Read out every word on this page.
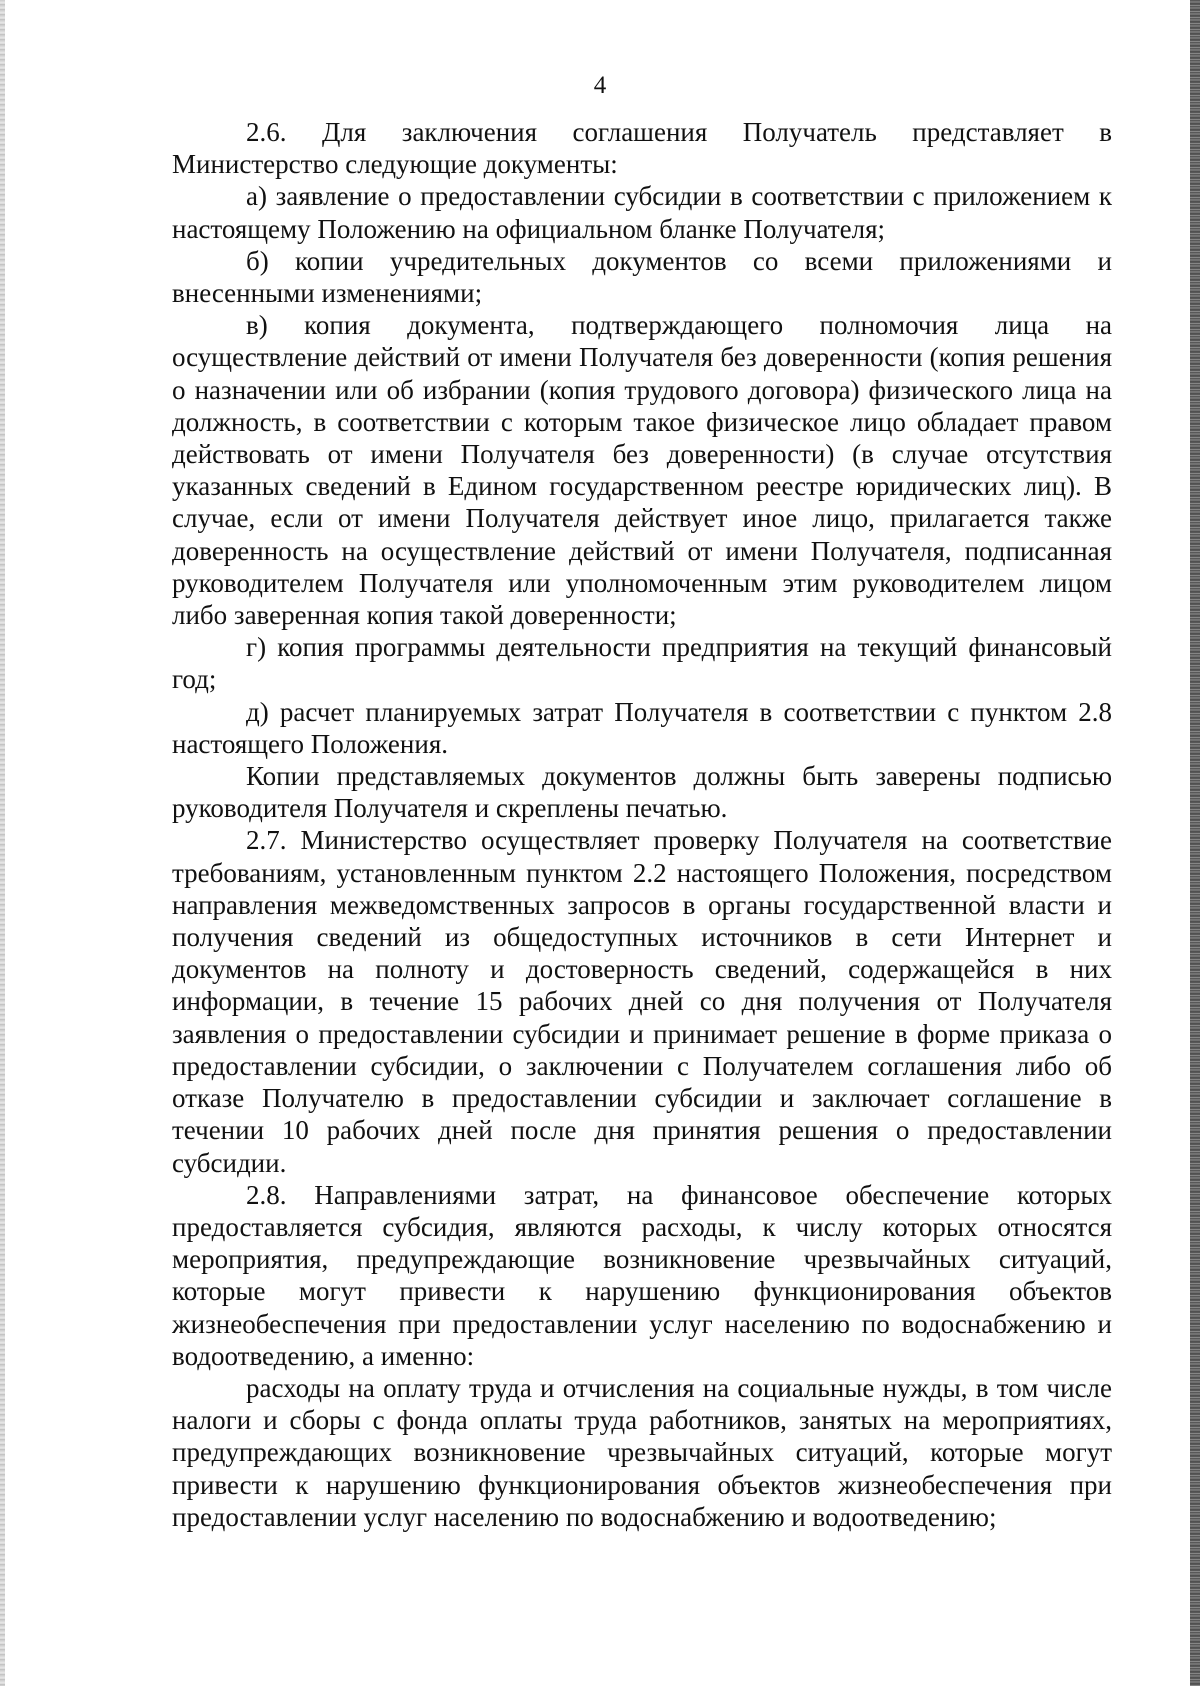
4

2.6. Для заключения соглашения Получатель представляет в Министерство следующие документы:

а) заявление о предоставлении субсидии в соответствии с приложением к настоящему Положению на официальном бланке Получателя;

б) копии учредительных документов со всеми приложениями и внесенными изменениями;

в) копия документа, подтверждающего полномочия лица на осуществление действий от имени Получателя без доверенности (копия решения о назначении или об избрании (копия трудового договора) физического лица на должность, в соответствии с которым такое физическое лицо обладает правом действовать от имени Получателя без доверенности) (в случае отсутствия указанных сведений в Едином государственном реестре юридических лиц). В случае, если от имени Получателя действует иное лицо, прилагается также доверенность на осуществление действий от имени Получателя, подписанная руководителем Получателя или уполномоченным этим руководителем лицом либо заверенная копия такой доверенности;

г) копия программы деятельности предприятия на текущий финансовый год;

д) расчет планируемых затрат Получателя в соответствии с пунктом 2.8 настоящего Положения.

Копии представляемых документов должны быть заверены подписью руководителя Получателя и скреплены печатью.

2.7. Министерство осуществляет проверку Получателя на соответствие требованиям, установленным пунктом 2.2 настоящего Положения, посредством направления межведомственных запросов в органы государственной власти и получения сведений из общедоступных источников в сети Интернет и документов на полноту и достоверность сведений, содержащейся в них информации, в течение 15 рабочих дней со дня получения от Получателя заявления о предоставлении субсидии и принимает решение в форме приказа о предоставлении субсидии, о заключении с Получателем соглашения либо об отказе Получателю в предоставлении субсидии и заключает соглашение в течении 10 рабочих дней после дня принятия решения о предоставлении субсидии.

2.8. Направлениями затрат, на финансовое обеспечение которых предоставляется субсидия, являются расходы, к числу которых относятся мероприятия, предупреждающие возникновение чрезвычайных ситуаций, которые могут привести к нарушению функционирования объектов жизнеобеспечения при предоставлении услуг населению по водоснабжению и водоотведению, а именно:

расходы на оплату труда и отчисления на социальные нужды, в том числе налоги и сборы с фонда оплаты труда работников, занятых на мероприятиях, предупреждающих возникновение чрезвычайных ситуаций, которые могут привести к нарушению функционирования объектов жизнеобеспечения при предоставлении услуг населению по водоснабжению и водоотведению;
